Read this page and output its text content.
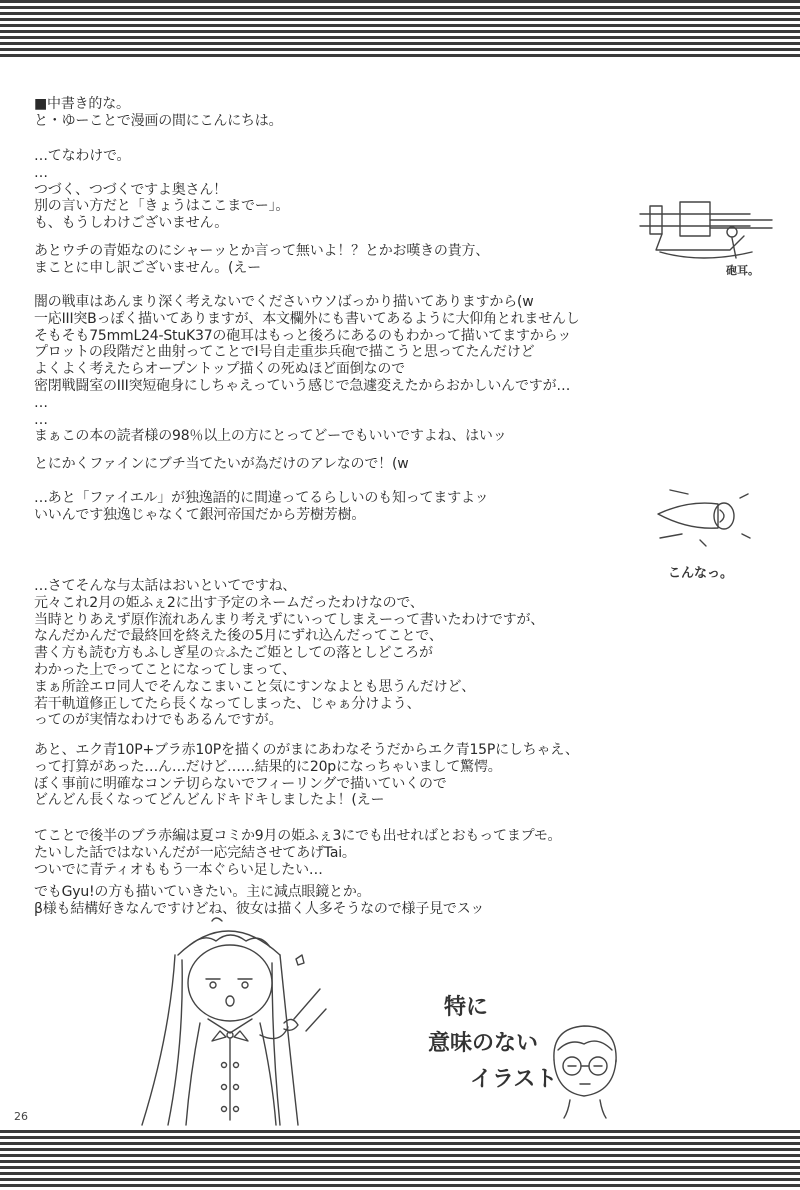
■中書き的な。
と・ゆーことで漫画の間にこんにちは。
…てなわけで。
…
つづく、つづくですよ奥さん！
別の言い方だと「きょうはここまでー」。
も、もうしわけございません。
あとウチの青姫なのにシャーッとか言って無いよ！？とかお嘆きの貴方、
まことに申し訳ございません。(えー
闇の戦車はあんまり深く考えないでくださいウソばっかり描いてありますから(w
一応III突Bっぽく描いてありますが、本文欄外にも書いてあるように大仰角とれませんし
そもそも75mmL24-StuK37の砲耳はもっと後ろにあるのもわかって描いてますからッ
プロットの段階だと曲射ってことでI号自走重歩兵砲で描こうと思ってたんだけど
よくよく考えたらオープントップ描くの死ぬほど面倒なので
密閉戦闘室のIII突短砲身にしちゃえっていう感じで急遽変えたからおかしいんですが…
…
…
まぁこの本の読者様の98％以上の方にとってどーでもいいですよね、はいッ
とにかくファインにブチ当てたいが為だけのアレなので！(w
…あと「ファイエル」が独逸語的に間違ってるらしいのも知ってますよッ
いいんです独逸じゃなくて銀河帝国だから芳樹芳樹。
…さてそんな与太話はおいといてですね、
元々これ2月の姫ふぇ2に出す予定のネームだったわけなので、
当時とりあえず原作流れあんまり考えずにいってしまえーって書いたわけですが、
なんだかんだで最終回を終えた後の5月にずれ込んだってことで、
書く方も読む方もふしぎ星の☆ふたご姫としての落としどころが
わかった上でってことになってしまって、
まぁ所詮エロ同人でそんなこまいこと気にすンなよとも思うんだけど、
若干軌道修正してたら長くなってしまった、じゃぁ分けよう、
ってのが実情なわけでもあるんですが。
あと、エク青10P+ブラ赤10Pを描くのがまにあわなそうだからエク青15Pにしちゃえ、
って打算があった…ん…だけど……結果的に20pになっちゃいまして驚愕。
ぼく事前に明確なコンテ切らないでフィーリングで描いていくので
どんどん長くなってどんどんドキドキしましたよ！(えー
てことで後半のブラ赤編は夏コミか9月の姫ふぇ3にでも出せればとおもってまプモ。
たいした話ではないんだが一応完結させてあげTai。
ついでに青ティオももう一本ぐらい足したい…
でもGyu!の方も描いていきたい。主に減点眼鏡とか。
β様も結構好きなんですけどね、彼女は描く人多そうなので様子見でスッ
砲耳。
こんなっ。
特に
意味のない
イラスト
26
